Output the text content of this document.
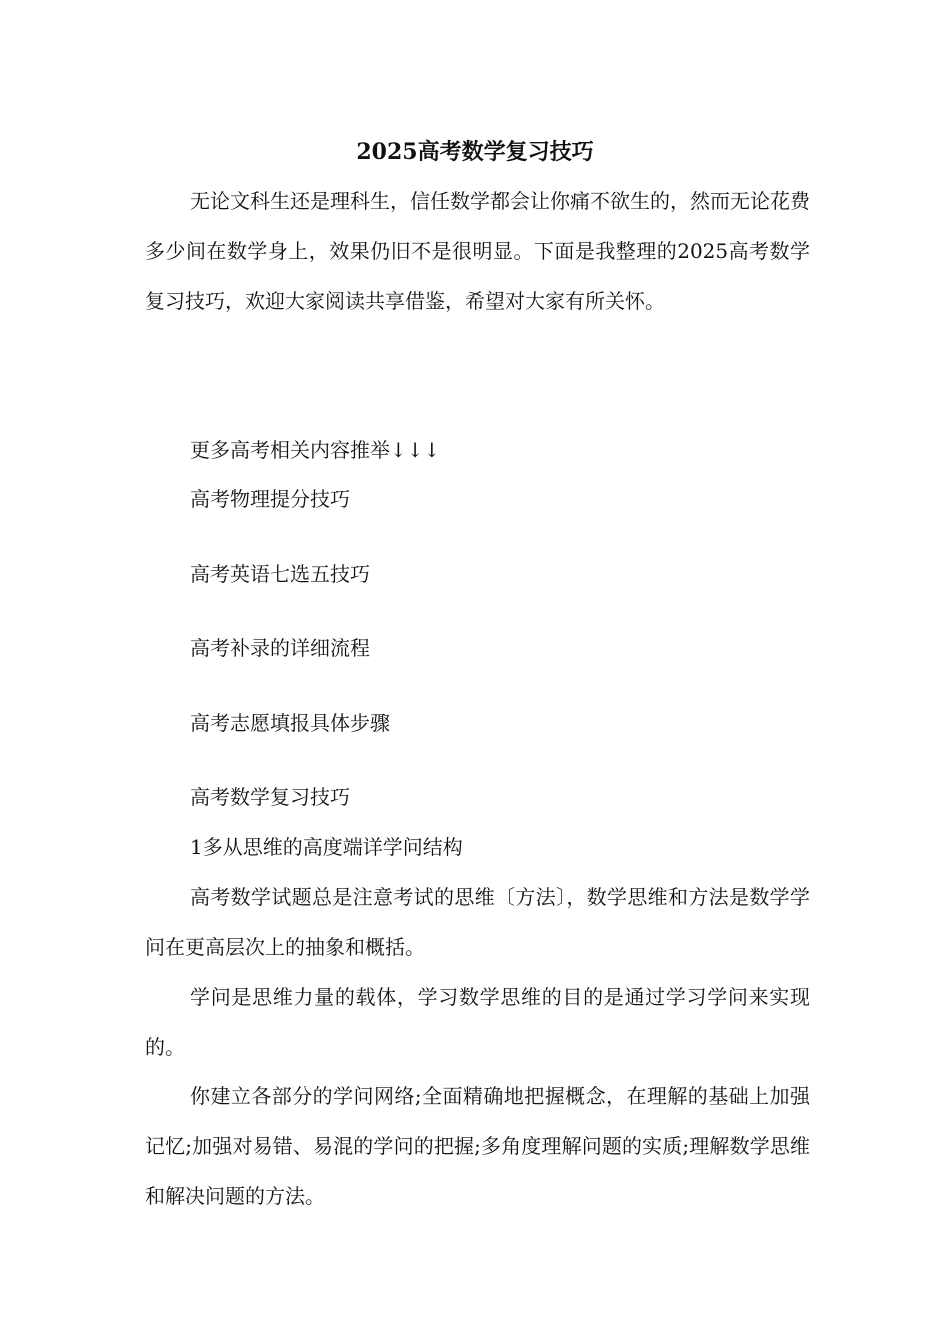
2025高考数学复习技巧

无论文科生还是理科生，信任数学都会让你痛不欲生的，然而无论花费多少间在数学身上，效果仍旧不是很明显。下面是我整理的2025高考数学复习技巧，欢迎大家阅读共享借鉴，希望对大家有所关怀。

更多高考相关内容推举↓↓↓
高考物理提分技巧
高考英语七选五技巧
高考补录的详细流程
高考志愿填报具体步骤
高考数学复习技巧
1多从思维的高度端详学问结构

高考数学试题总是注意考试的思维〔方法〕，数学思维和方法是数学学问在更高层次上的抽象和概括。

学问是思维力量的载体，学习数学思维的目的是通过学习学问来实现的。

你建立各部分的学问网络;全面精确地把握概念，在理解的基础上加强记忆;加强对易错、易混的学问的把握;多角度理解问题的实质;理解数学思维和解决问题的方法。
